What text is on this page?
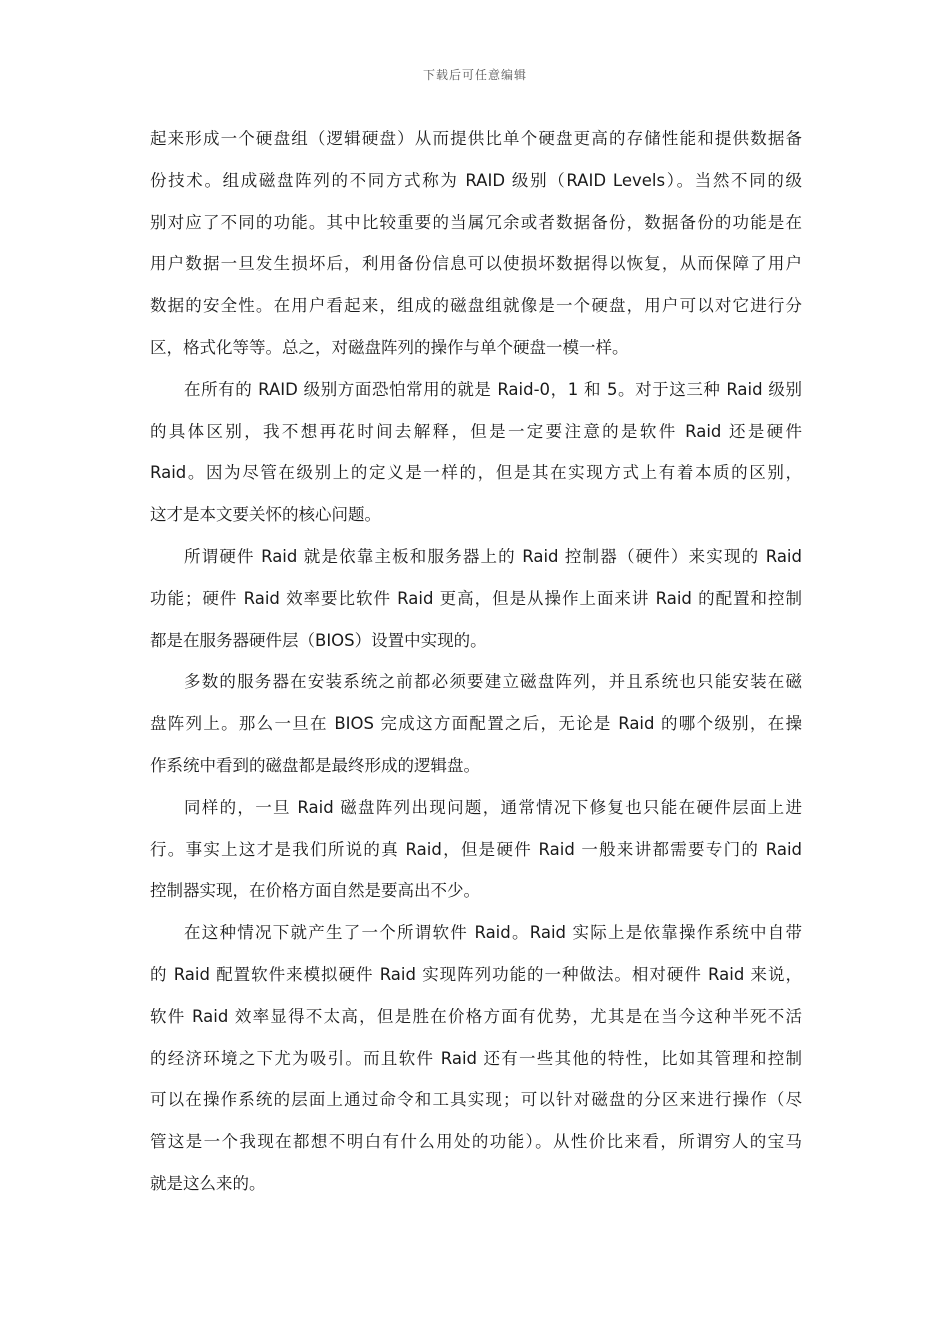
下载后可任意编辑
起来形成一个硬盘组（逻辑硬盘）从而提供比单个硬盘更高的存储性能和提供数据备
份技术。组成磁盘阵列的不同方式称为 RAID 级别（RAID Levels）。当然不同的级
别对应了不同的功能。其中比较重要的当属冗余或者数据备份，数据备份的功能是在
用户数据一旦发生损坏后，利用备份信息可以使损坏数据得以恢复，从而保障了用户
数据的安全性。在用户看起来，组成的磁盘组就像是一个硬盘，用户可以对它进行分
区，格式化等等。总之，对磁盘阵列的操作与单个硬盘一模一样。
在所有的 RAID 级别方面恐怕常用的就是 Raid-0，1 和 5。对于这三种 Raid 级别
的具体区别，我不想再花时间去解释，但是一定要注意的是软件 Raid 还是硬件
Raid。因为尽管在级别上的定义是一样的，但是其在实现方式上有着本质的区别，
这才是本文要关怀的核心问题。
所谓硬件 Raid 就是依靠主板和服务器上的 Raid 控制器（硬件）来实现的 Raid
功能；硬件 Raid 效率要比软件 Raid 更高，但是从操作上面来讲 Raid 的配置和控制
都是在服务器硬件层（BIOS）设置中实现的。
多数的服务器在安装系统之前都必须要建立磁盘阵列，并且系统也只能安装在磁
盘阵列上。那么一旦在 BIOS 完成这方面配置之后，无论是 Raid 的哪个级别，在操
作系统中看到的磁盘都是最终形成的逻辑盘。
同样的，一旦 Raid 磁盘阵列出现问题，通常情况下修复也只能在硬件层面上进
行。事实上这才是我们所说的真 Raid，但是硬件 Raid 一般来讲都需要专门的 Raid
控制器实现，在价格方面自然是要高出不少。
在这种情况下就产生了一个所谓软件 Raid。Raid 实际上是依靠操作系统中自带
的 Raid 配置软件来模拟硬件 Raid 实现阵列功能的一种做法。相对硬件 Raid 来说，
软件 Raid 效率显得不太高，但是胜在价格方面有优势，尤其是在当今这种半死不活
的经济环境之下尤为吸引。而且软件 Raid 还有一些其他的特性，比如其管理和控制
可以在操作系统的层面上通过命令和工具实现；可以针对磁盘的分区来进行操作（尽
管这是一个我现在都想不明白有什么用处的功能）。从性价比来看，所谓穷人的宝马
就是这么来的。
